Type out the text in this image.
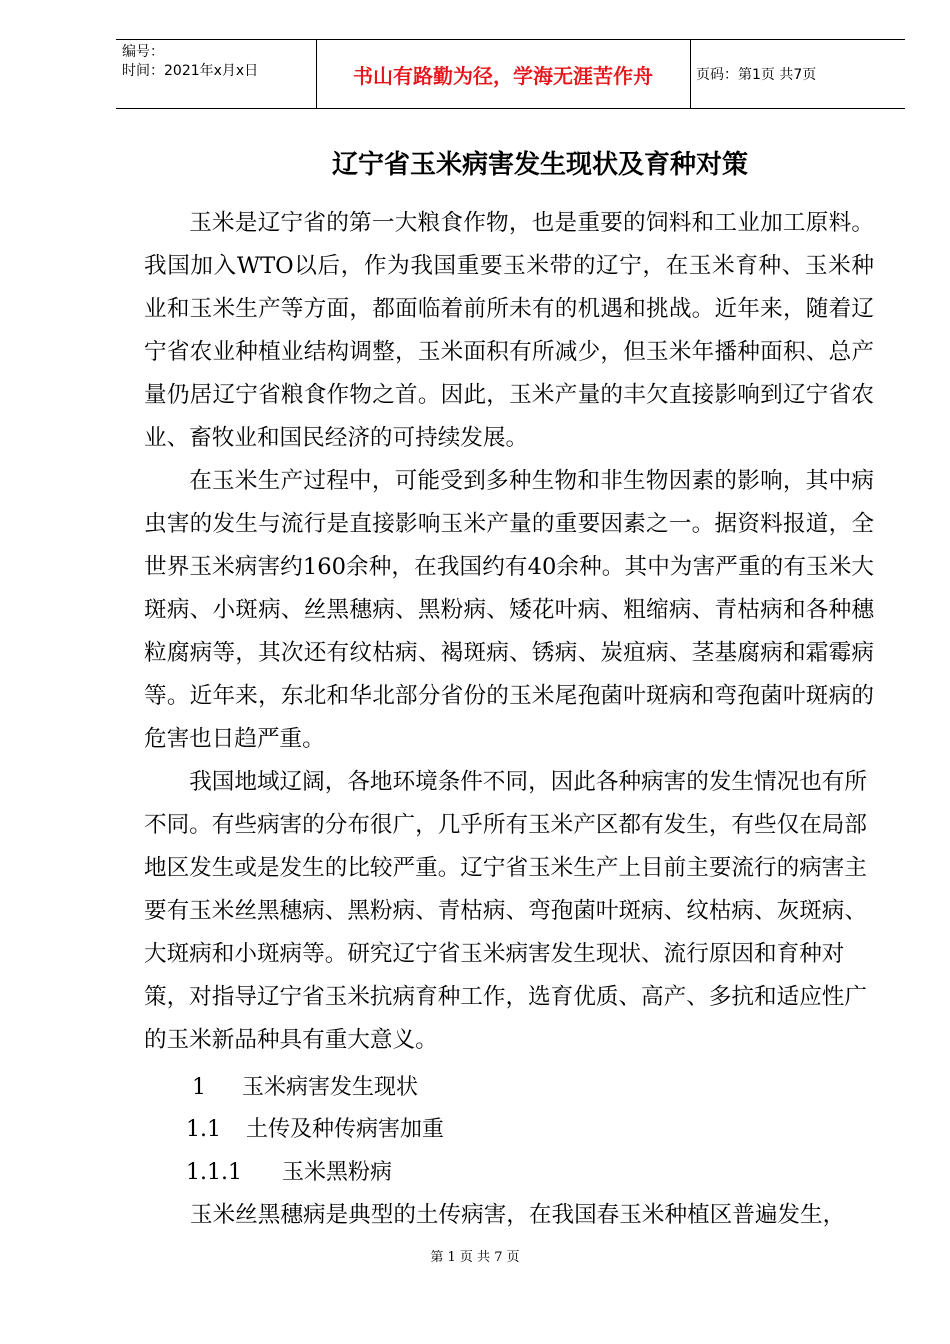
编号：
时间：2021年x月x日	书山有路勤为径，学海无涯苦作舟	页码：第1页 共7页
辽宁省玉米病害发生现状及育种对策

玉米是辽宁省的第一大粮食作物，也是重要的饲料和工业加工原料。我国加入WTO以后，作为我国重要玉米带的辽宁，在玉米育种、玉米种业和玉米生产等方面，都面临着前所未有的机遇和挑战。近年来，随着辽宁省农业种植业结构调整，玉米面积有所减少，但玉米年播种面积、总产量仍居辽宁省粮食作物之首。因此，玉米产量的丰欠直接影响到辽宁省农业、畜牧业和国民经济的可持续发展。

在玉米生产过程中，可能受到多种生物和非生物因素的影响，其中病虫害的发生与流行是直接影响玉米产量的重要因素之一。据资料报道，全世界玉米病害约160余种，在我国约有40余种。其中为害严重的有玉米大斑病、小斑病、丝黑穗病、黑粉病、矮花叶病、粗缩病、青枯病和各种穗粒腐病等，其次还有纹枯病、褐斑病、锈病、炭疽病、茎基腐病和霜霉病等。近年来，东北和华北部分省份的玉米尾孢菌叶斑病和弯孢菌叶斑病的危害也日趋严重。

我国地域辽阔，各地环境条件不同，因此各种病害的发生情况也有所不同。有些病害的分布很广，几乎所有玉米产区都有发生，有些仅在局部地区发生或是发生的比较严重。辽宁省玉米生产上目前主要流行的病害主要有玉米丝黑穗病、黑粉病、青枯病、弯孢菌叶斑病、纹枯病、灰斑病、大斑病和小斑病等。研究辽宁省玉米病害发生现状、流行原因和育种对策，对指导辽宁省玉米抗病育种工作，选育优质、高产、多抗和适应性广的玉米新品种具有重大意义。

1 玉米病害发生现状
1.1 土传及种传病害加重
1.1.1 玉米黑粉病
玉米丝黑穗病是典型的土传病害，在我国春玉米种植区普遍发生，
第 1 页 共 7 页
